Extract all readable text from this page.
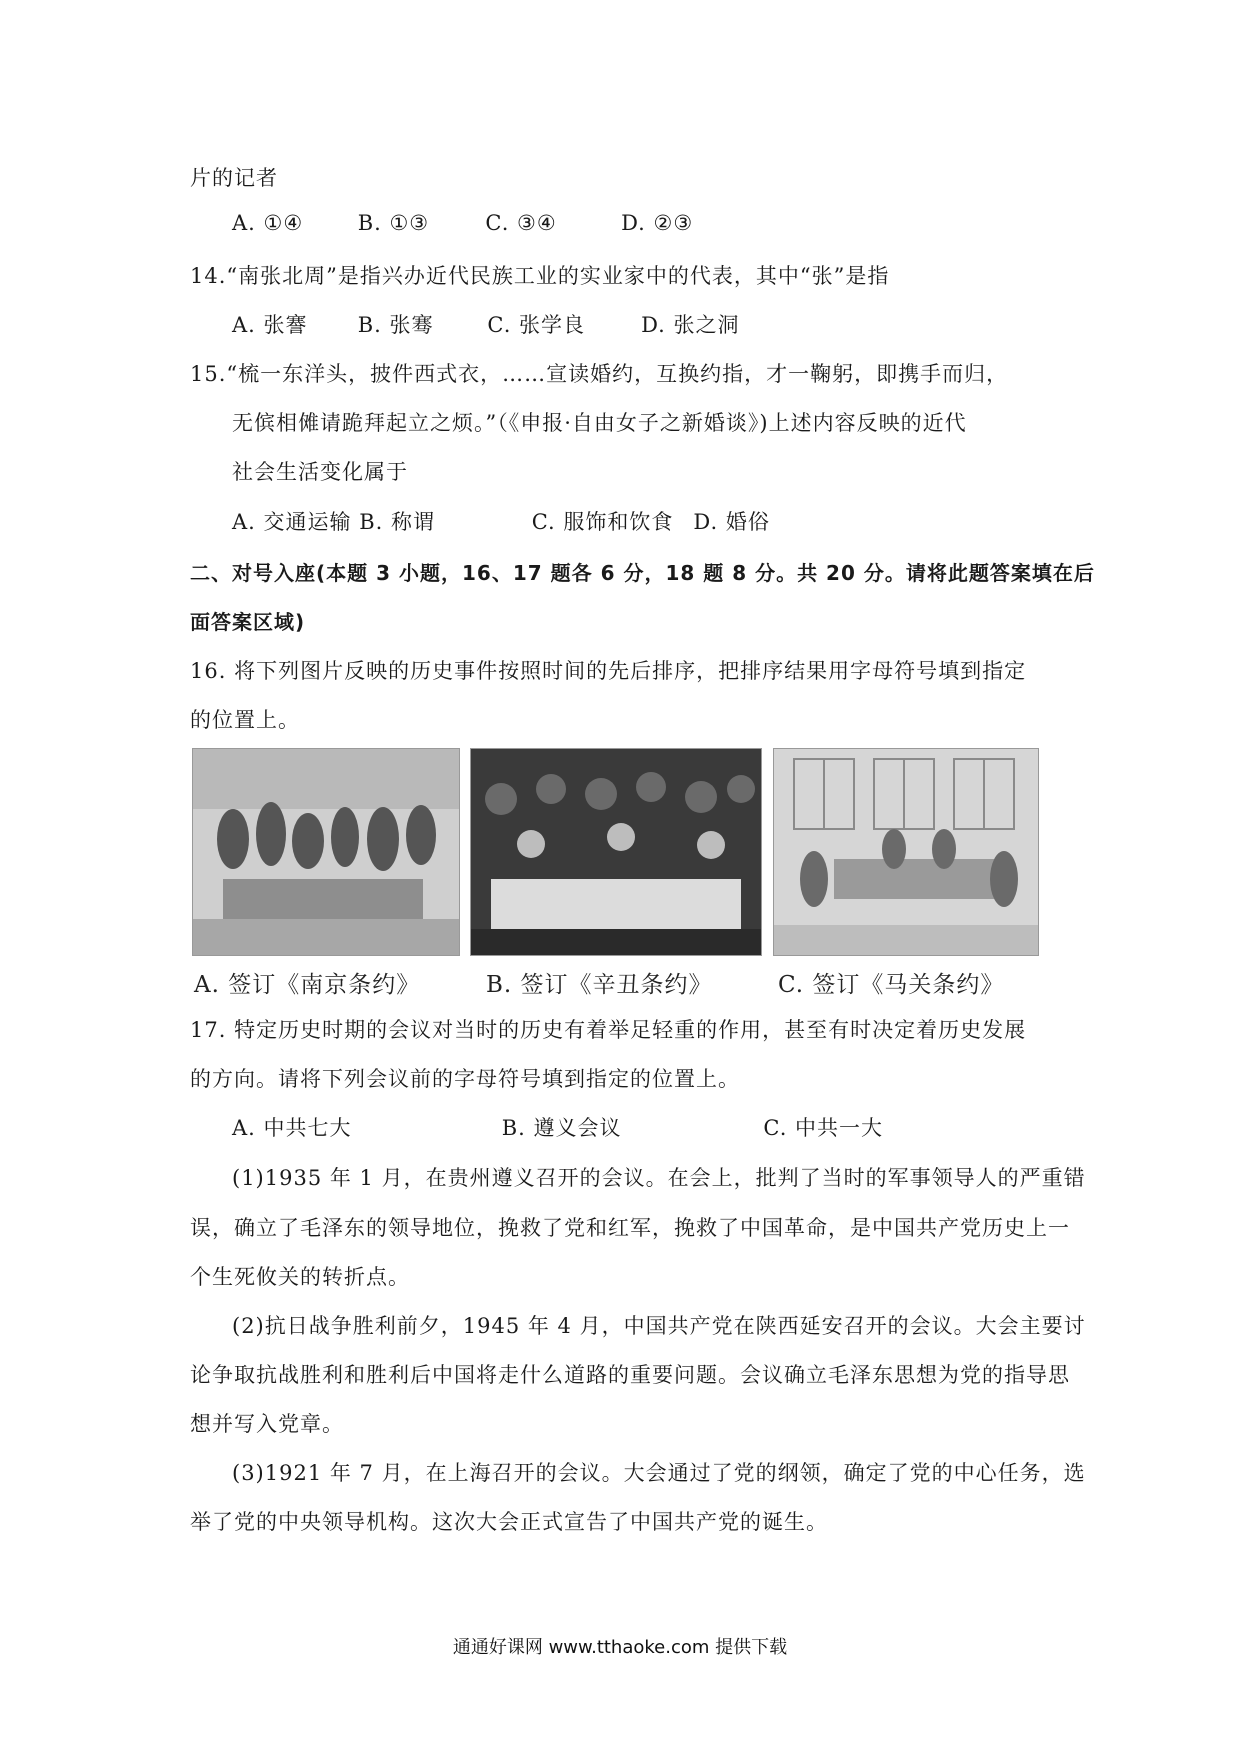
片的记者
A. ①④	B. ①③	C. ③④	D. ②③
14.“南张北周”是指兴办近代民族工业的实业家中的代表，其中“张”是指
A. 张謇 B. 张骞	C. 张学良	D. 张之洞
15.“梳一东洋头，披件西式衣，……宣读婚约，互换约指，才一鞠躬，即携手而归，
无傧相傩请跪拜起立之烦。”（《申报·自由女子之新婚谈》)上述内容反映的近代
社会生活变化属于
A. 交通运输 B. 称谓	C. 服饰和饮食 D. 婚俗
二、对号入座(本题 3 小题，16、17 题各 6 分，18 题 8 分。共 20 分。请将此题答案填在后
面答案区域)
16. 将下列图片反映的历史事件按照时间的先后排序，把排序结果用字母符号填到指定
的位置上。
A. 签订《南京条约》	B. 签订《辛丑条约》	C. 签订《马关条约》
17. 特定历史时期的会议对当时的历史有着举足轻重的作用，甚至有时决定着历史发展
的方向。请将下列会议前的字母符号填到指定的位置上。
A. 中共七大	B. 遵义会议	C. 中共一大
(1)1935 年 1 月，在贵州遵义召开的会议。在会上，批判了当时的军事领导人的严重错
误，确立了毛泽东的领导地位，挽救了党和红军，挽救了中国革命，是中国共产党历史上一
个生死攸关的转折点。
(2)抗日战争胜利前夕，1945 年 4 月，中国共产党在陕西延安召开的会议。大会主要讨
论争取抗战胜利和胜利后中国将走什么道路的重要问题。会议确立毛泽东思想为党的指导思
想并写入党章。
(3)1921 年 7 月，在上海召开的会议。大会通过了党的纲领，确定了党的中心任务，选
举了党的中央领导机构。这次大会正式宣告了中国共产党的诞生。
通通好课网 www.tthaoke.com 提供下载
